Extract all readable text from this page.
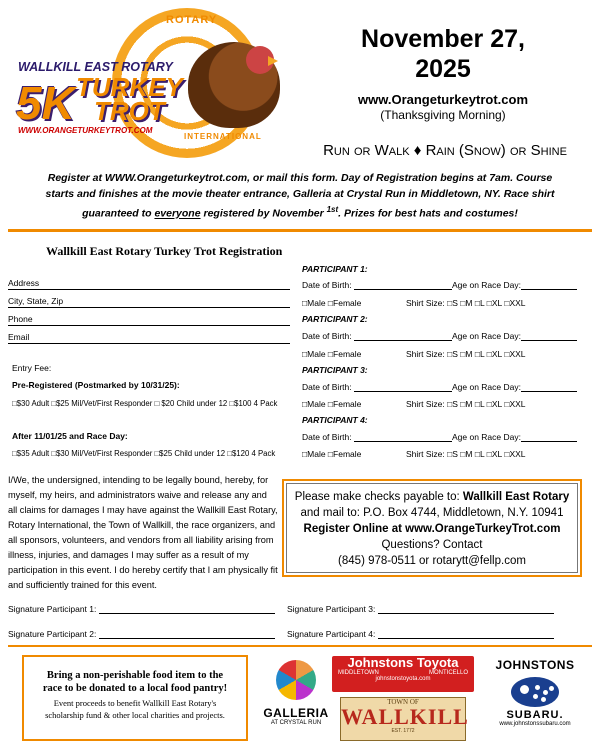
ROTARY
INTERNATIONAL
WALLKILL EAST ROTARY
5K TURKEY
TROT
WWW.ORANGETURKEYTROT.COM
November 27,
2025
www.Orangeturkeytrot.com
(Thanksgiving Morning)
Run or Walk ♦ Rain (Snow) or Shine
Register at WWW.Orangeturkeytrot.com, or mail this form. Day of Registration begins at 7am. Course
starts and finishes at the movie theater entrance, Galleria at Crystal Run in Middletown, NY. Race shirt
guaranteed to everyone registered by November $^{1st}$. Prizes for best hats and costumes!
Wallkill East Rotary Turkey Trot Registration
Address
City, State, Zip
Phone
Email
Entry Fee:
Pre-Registered (Postmarked by 10/31/25):
□$30 Adult □$25 Mil/Vet/First Responder □ $20 Child under 12 □$100 4 Pack
After 11/01/25 and Race Day:
□$35 Adult □$30 Mil/Vet/First Responder □$25 Child under 12 □$120 4 Pack
PARTICIPANT 1:
Date of Birth:	Age on Race Day:
□Male □Female	Shirt Size: □S □M □L □XL □XXL
PARTICIPANT 2:
Date of Birth:	Age on Race Day:
□Male □Female	Shirt Size: □S □M □L □XL □XXL
PARTICIPANT 3:
Date of Birth:	Age on Race Day:
□Male □Female	Shirt Size: □S □M □L □XL □XXL
PARTICIPANT 4:
Date of Birth:	Age on Race Day:
□Male □Female	Shirt Size: □S □M □L □XL □XXL
I/We, the undersigned, intending to be legally bound, hereby, for myself, my heirs, and administrators waive and release any and all claims for damages I may have against the Wallkill East Rotary, Rotary International, the Town of Wallkill, the race organizers, and all sponsors, volunteers, and vendors from all liability arising from illness, injuries, and damages I may suffer as a result of my participation in this event. I do hereby certify that I am physically fit and sufficiently trained for this event.
Please make checks payable to: Wallkill East Rotary
and mail to: P.O. Box 4744, Middletown, N.Y. 10941
Register Online at www.OrangeTurkeyTrot.com
Questions? Contact
(845) 978-0511 or rotarytt@fellp.com
Signature Participant 1:	Signature Participant 3:
Signature Participant 2:	Signature Participant 4:
Bring a non-perishable food item to the
race to be donated to a local food pantry!
Event proceeds to benefit Wallkill East Rotary's
scholarship fund & other local charities and projects.	GALLERIA
AT CRYSTAL RUN
Johnstons Toyota
MIDDLETOWN	MONTICELLO
johnstonstoyota.com
TOWN OF
WALLKILL
EST. 1772
JOHNSTONS
SUBARU.
www.johnstonssubaru.com
